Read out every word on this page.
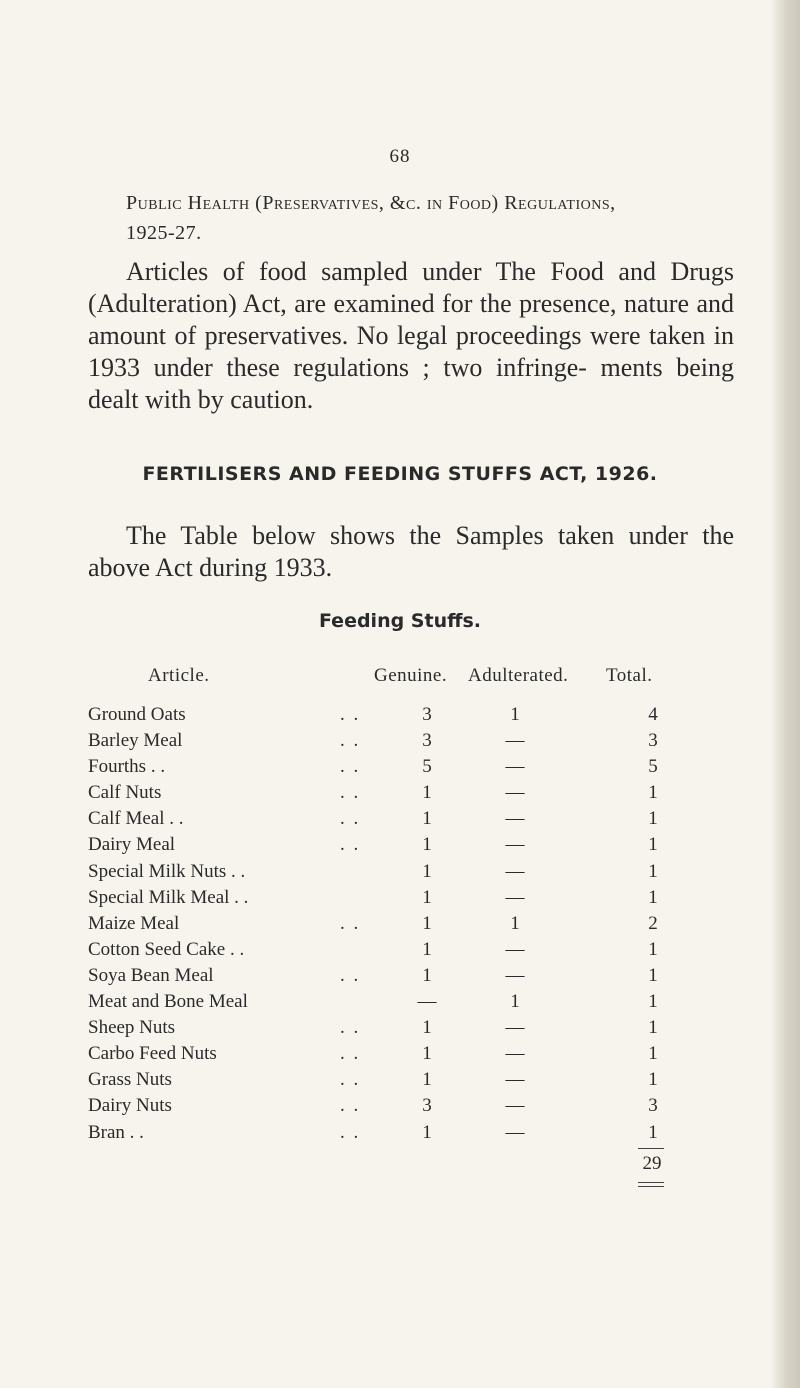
68
Public Health (Preservatives, &c. in Food) Regulations,
1925-27.

Articles of food sampled under The Food and Drugs (Adulteration) Act, are examined for the presence, nature and amount of preservatives. No legal proceedings were taken in 1933 under these regulations ; two infringe- ments being dealt with by caution.

FERTILISERS AND FEEDING STUFFS ACT, 1926.

The Table below shows the Samples taken under the above Act during 1933.

Feeding Stuffs.
Article.	Genuine. Adulterated. Total.
Ground Oats	. .	3	1	4
Barley Meal	. .	3	—	3
Fourths . .	. .	5	—	5
Calf Nuts	. .	1	—	1
Calf Meal . .	. .	1	—	1
Dairy Meal	. .	1	—	1
Special Milk Nuts . .	1	—	1
Special Milk Meal . .	1	—	1
Maize Meal	. .	1	1	2
Cotton Seed Cake . .	1	—	1
Soya Bean Meal	. .	1	—	1
Meat and Bone Meal	—	1	1
Sheep Nuts	. .	1	—	1
Carbo Feed Nuts	. .	1	—	1
Grass Nuts	. .	1	—	1
Dairy Nuts	. .	3	—	3
Bran . .	. .	1	—	1
29
